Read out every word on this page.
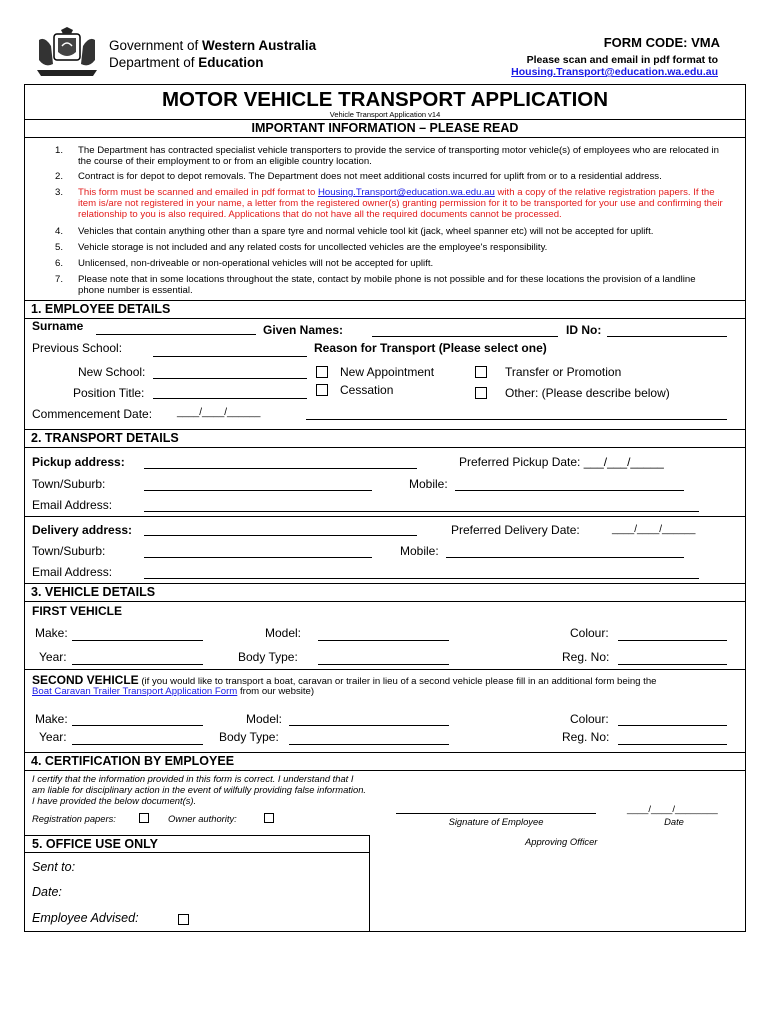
Government of Western Australia
Department of Education
FORM CODE: VMA
Please scan and email in pdf format to
Housing.Transport@education.wa.edu.au
MOTOR VEHICLE TRANSPORT APPLICATION
Vehicle Transport Application v14
IMPORTANT INFORMATION – PLEASE READ
1. The Department has contracted specialist vehicle transporters to provide the service of transporting motor vehicle(s) of employees who are relocated in the course of their employment to or from an eligible country location.
2. Contract is for depot to depot removals. The Department does not meet additional costs incurred for uplift from or to a residential address.
3. This form must be scanned and emailed in pdf format to Housing.Transport@education.wa.edu.au with a copy of the relative registration papers. If the item is/are not registered in your name, a letter from the registered owner(s) granting permission for it to be transported for your use and confirming their relationship to you is also required. Applications that do not have all the required documents cannot be processed.
4. Vehicles that contain anything other than a spare tyre and normal vehicle tool kit (jack, wheel spanner etc) will not be accepted for uplift.
5. Vehicle storage is not included and any related costs for uncollected vehicles are the employee's responsibility.
6. Unlicensed, non-driveable or non-operational vehicles will not be accepted for uplift.
7. Please note that in some locations throughout the state, contact by mobile phone is not possible and for these locations the provision of a landline phone number is essential.
1. EMPLOYEE DETAILS
Surname	Given Names:	ID No:
Previous School:	Reason for Transport (Please select one)
New School:	New Appointment	Transfer or Promotion
Position Title:	Cessation	Other: (Please describe below)
Commencement Date: ____/____/______
2. TRANSPORT DETAILS
Pickup address:	Preferred Pickup Date: ___/___/_____
Town/Suburb:	Mobile:
Email Address:
Delivery address:	Preferred Delivery Date:	____/____/______
Town/Suburb:	Mobile:
Email Address:
3. VEHICLE DETAILS
FIRST VEHICLE
Make:	Model:	Colour:
Year:	Body Type:	Reg. No:
SECOND VEHICLE (if you would like to transport a boat, caravan or trailer in lieu of a second vehicle please fill in an additional form being the
Boat Caravan Trailer Transport Application Form from our website)
Make:	Model:	Colour:
Year:	Body Type:	Reg. No:
4. CERTIFICATION BY EMPLOYEE
I certify that the information provided in this form is correct. I understand that I am liable for disciplinary action in the event of wilfully providing false information. I have provided the below document(s).
Registration papers:	Owner authority:	Signature of Employee
____/____/________
Date
5. OFFICE USE ONLY	Approving Officer
Sent to:
Date:
Employee Advised:
